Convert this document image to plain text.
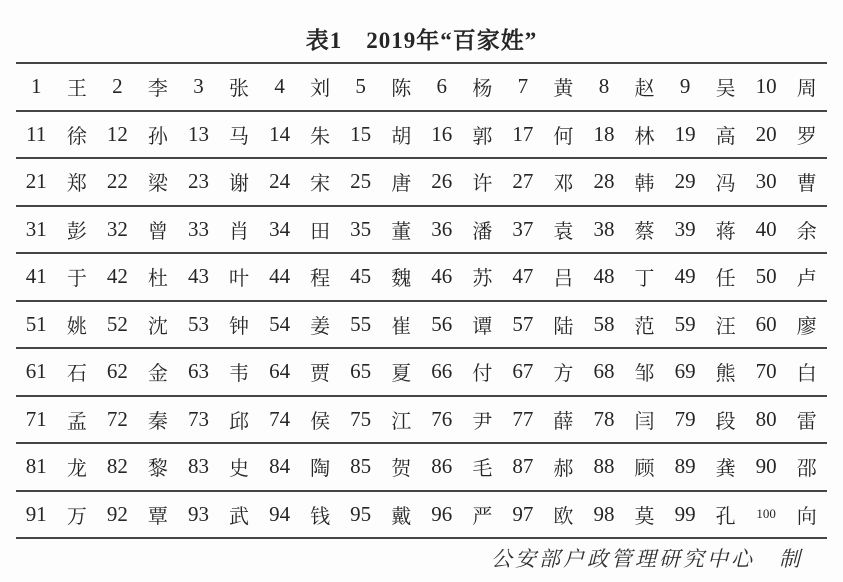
表1　2019年“百家姓”
1	王	2	李	3	张	4	刘	5	陈	6	杨	7	黄	8	赵	9	吴 10	周
11	徐 12	孙 13	马 14	朱 15	胡 16	郭 17	何 18	林 19	高 20	罗
21	郑 22	梁 23	谢 24	宋 25	唐 26	许 27	邓 28	韩 29	冯 30	曹
31	彭 32	曾 33	肖 34	田 35	董 36	潘 37	袁 38	蔡 39	蒋 40	余
41	于 42	杜 43	叶 44	程 45	魏 46	苏 47	吕 48	丁 49	任 50	卢
51	姚 52	沈 53	钟 54	姜 55	崔 56	谭 57	陆 58	范 59	汪 60	廖
61	石 62	金 63	韦 64	贾 65	夏 66	付 67	方 68	邹 69	熊 70	白
71	孟 72	秦 73	邱 74	侯 75	江 76	尹 77	薛 78	闫 79	段 80	雷
81	龙 82	黎 83	史 84	陶 85	贺 86	毛 87	郝 88	顾 89	龚 90	邵
91	万 92	覃 93	武 94	钱 95	戴 96	严 97	欧 98	莫 99	孔	100	向
公安部户政管理研究中心　制
